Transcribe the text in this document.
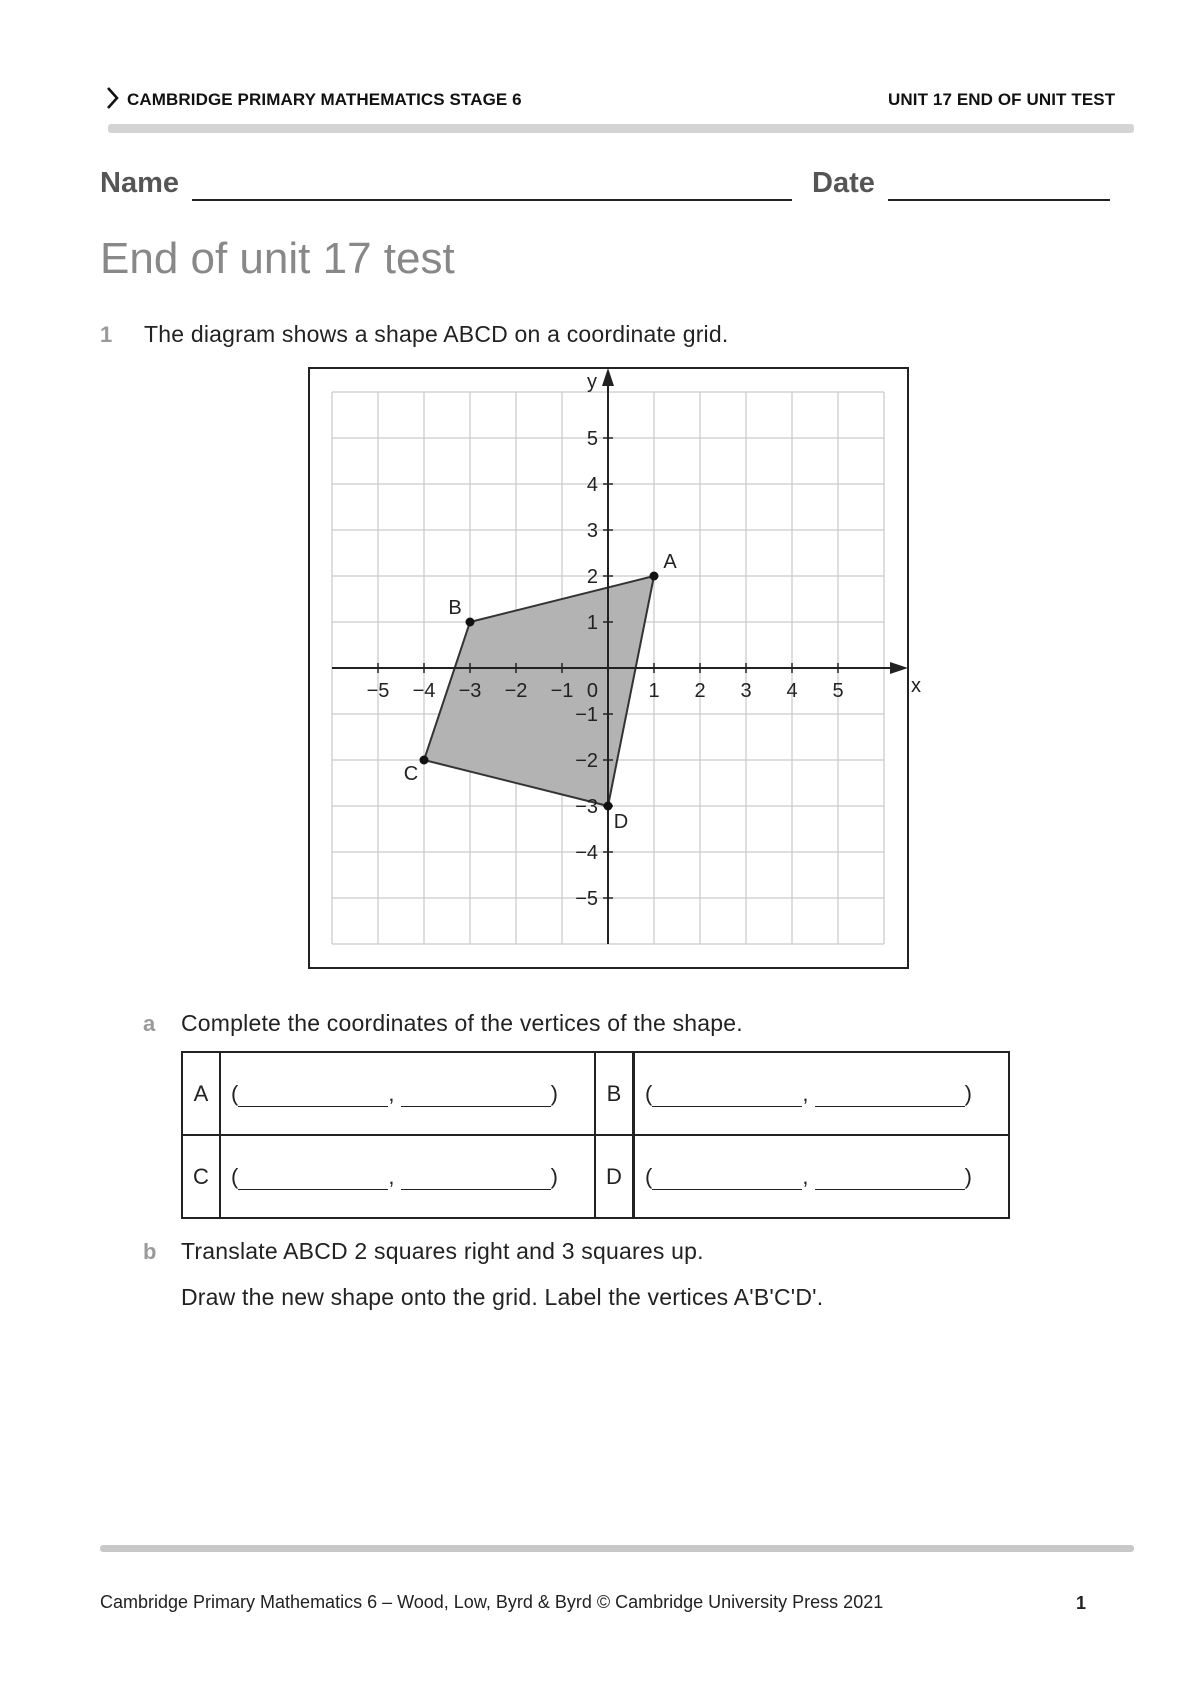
CAMBRIDGE PRIMARY MATHEMATICS STAGE 6	UNIT 17 END OF UNIT TEST
Name	Date
End of unit 17 test
1 The diagram shows a shape ABCD on a coordinate grid.
x
y
−5 −4 −3 −2 −1	1 2 3 4 5
−5
−4
−3
−2
−1
1
2
3
4
5
0
A
B
C
D
a Complete the coordinates of the vertices of the shape.
A	( , )	B	( , )
C	( , )	D	( , )
b Translate ABCD 2 squares right and 3 squares up.
Draw the new shape onto the grid. Label the vertices A'B'C'D'.
Cambridge Primary Mathematics 6 – Wood, Low, Byrd & Byrd © Cambridge University Press 2021	1
